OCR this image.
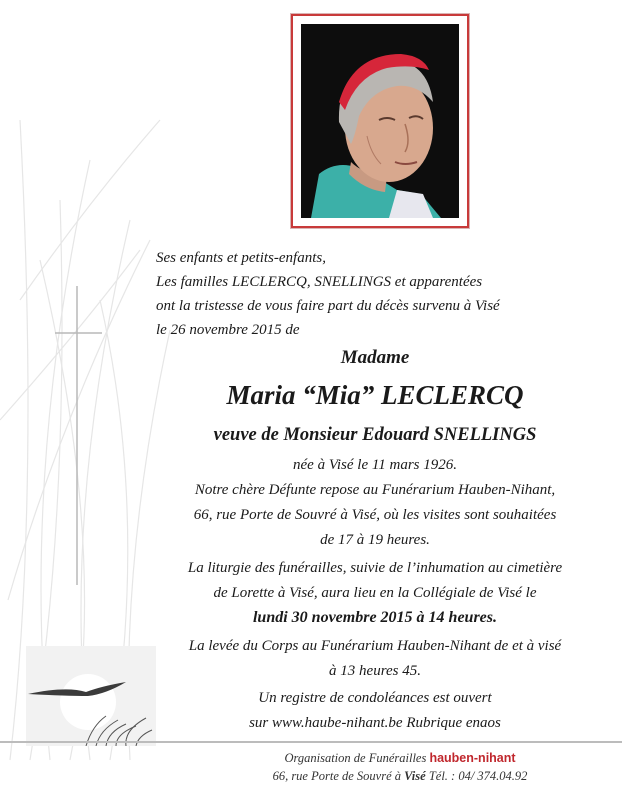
Ses enfants et petits-enfants,
Les familles LECLERCQ, SNELLINGS et apparentées
ont la tristesse de vous faire part du décès survenu à Visé
le 26 novembre 2015 de
Madame
Maria “Mia” LECLERCQ
veuve de Monsieur Edouard SNELLINGS
née à Visé le 11 mars 1926.
Notre chère Défunte repose au Funérarium Hauben-Nihant,
66, rue Porte de Souvré à Visé, où les visites sont souhaitées
de 17 à 19 heures.
La liturgie des funérailles, suivie de l’inhumation au cimetière
de Lorette à Visé, aura lieu en la Collégiale de Visé le
lundi 30 novembre 2015 à 14 heures.
La levée du Corps au Funérarium Hauben-Nihant de et à visé
à 13 heures 45.
Un registre de condoléances est ouvert
sur www.haube-nihant.be Rubrique enaos
Organisation de Funérailles hauben-nihant
66, rue Porte de Souvré à Visé Tél. : 04/ 374.04.92
